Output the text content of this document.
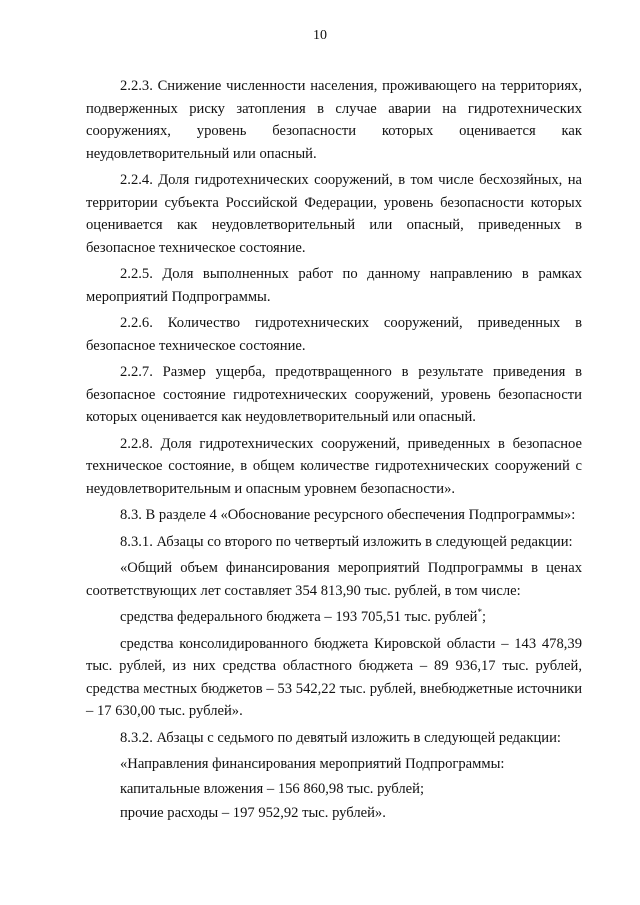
10

2.2.3. Снижение численности населения, проживающего на территориях, подверженных риску затопления в случае аварии на гидротехнических сооружениях, уровень безопасности которых оценивается как неудовлетворительный или опасный.

2.2.4. Доля гидротехнических сооружений, в том числе бесхозяйных, на территории субъекта Российской Федерации, уровень безопасности которых оценивается как неудовлетворительный или опасный, приведенных в безопасное техническое состояние.

2.2.5. Доля выполненных работ по данному направлению в рамках мероприятий Подпрограммы.

2.2.6. Количество гидротехнических сооружений, приведенных в безопасное техническое состояние.

2.2.7. Размер ущерба, предотвращенного в результате приведения в безопасное состояние гидротехнических сооружений, уровень безопасности которых оценивается как неудовлетворительный или опасный.

2.2.8. Доля гидротехнических сооружений, приведенных в безопасное техническое состояние, в общем количестве гидротехнических сооружений с неудовлетворительным и опасным уровнем безопасности».

8.3. В разделе 4 «Обоснование ресурсного обеспечения Подпрограммы»:

8.3.1. Абзацы со второго по четвертый изложить в следующей редакции:

«Общий объем финансирования мероприятий Подпрограммы в ценах соответствующих лет составляет 354 813,90 тыс. рублей, в том числе:

средства федерального бюджета – 193 705,51 тыс. рублей*;

средства консолидированного бюджета Кировской области – 143 478,39 тыс. рублей, из них средства областного бюджета – 89 936,17 тыс. рублей, средства местных бюджетов – 53 542,22 тыс. рублей, внебюджетные источники – 17 630,00 тыс. рублей».

8.3.2. Абзацы с седьмого по девятый изложить в следующей редакции:

«Направления финансирования мероприятий Подпрограммы:

капитальные вложения – 156 860,98 тыс. рублей;

прочие расходы – 197 952,92 тыс. рублей».
